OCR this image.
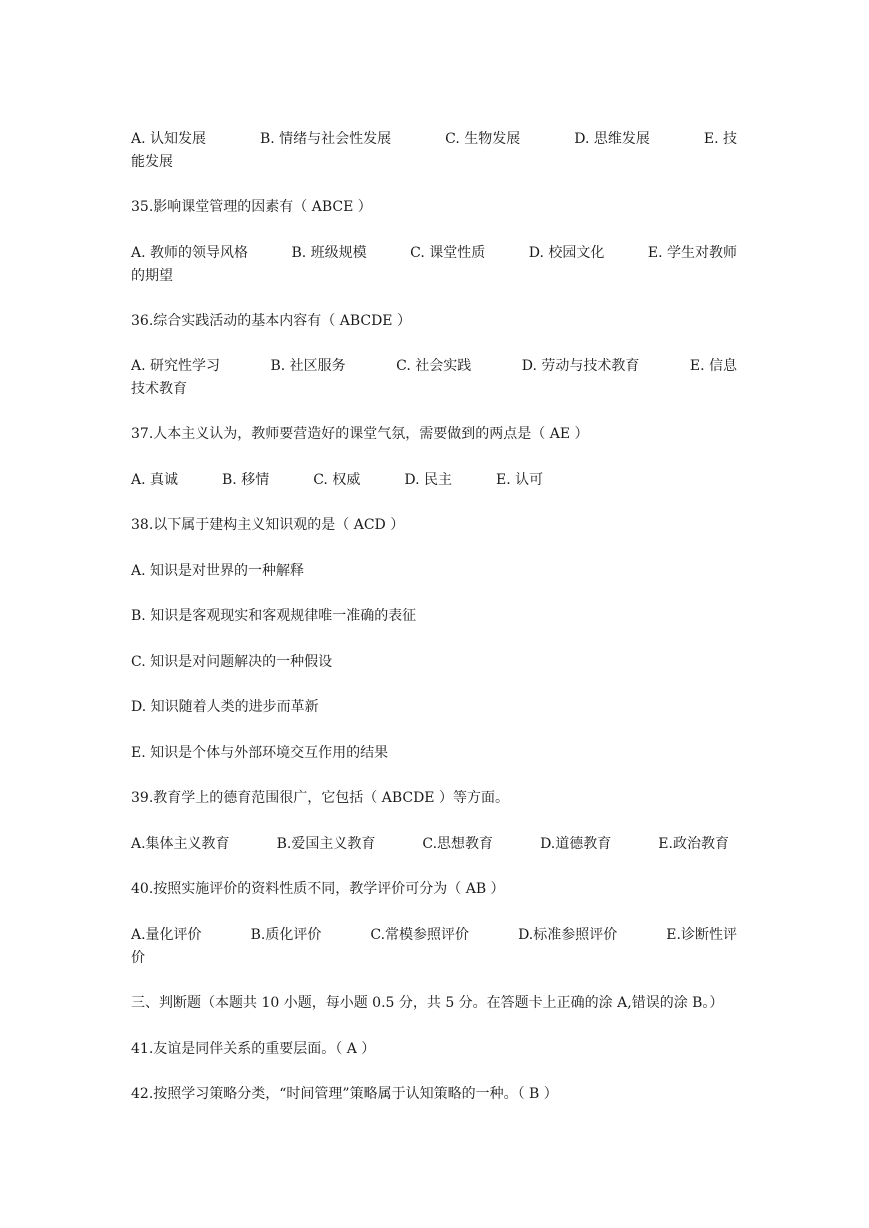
A. 认知发展	B. 情绪与社会性发展	C. 生物发展	D. 思维发展	E. 技
能发展
35.影响课堂管理的因素有（ ABCE ）
A. 教师的领导风格	B. 班级规模	C. 课堂性质	D. 校园文化	E. 学生对教师
的期望
36.综合实践活动的基本内容有（ ABCDE ）
A. 研究性学习	B. 社区服务	C. 社会实践	D. 劳动与技术教育	E. 信息
技术教育
37.人本主义认为，教师要营造好的课堂气氛，需要做到的两点是（ AE ）
A. 真诚	B. 移情	C. 权威	D. 民主	E. 认可
38.以下属于建构主义知识观的是（ ACD ）
A. 知识是对世界的一种解释
B. 知识是客观现实和客观规律唯一准确的表征
C. 知识是对问题解决的一种假设
D. 知识随着人类的进步而革新
E. 知识是个体与外部环境交互作用的结果
39.教育学上的德育范围很广，它包括（ ABCDE ）等方面。
A.集体主义教育	B.爱国主义教育	C.思想教育	D.道德教育	E.政治教育
40.按照实施评价的资料性质不同，教学评价可分为（ AB ）
A.量化评价	B.质化评价	C.常模参照评价	D.标准参照评价	E.诊断性评
价
三、判断题（本题共 10 小题，每小题 0.5 分，共 5 分。在答题卡上正确的涂 A,错误的涂 B。）
41.友谊是同伴关系的重要层面。（ A ）
42.按照学习策略分类，“时间管理”策略属于认知策略的一种。（ B ）
